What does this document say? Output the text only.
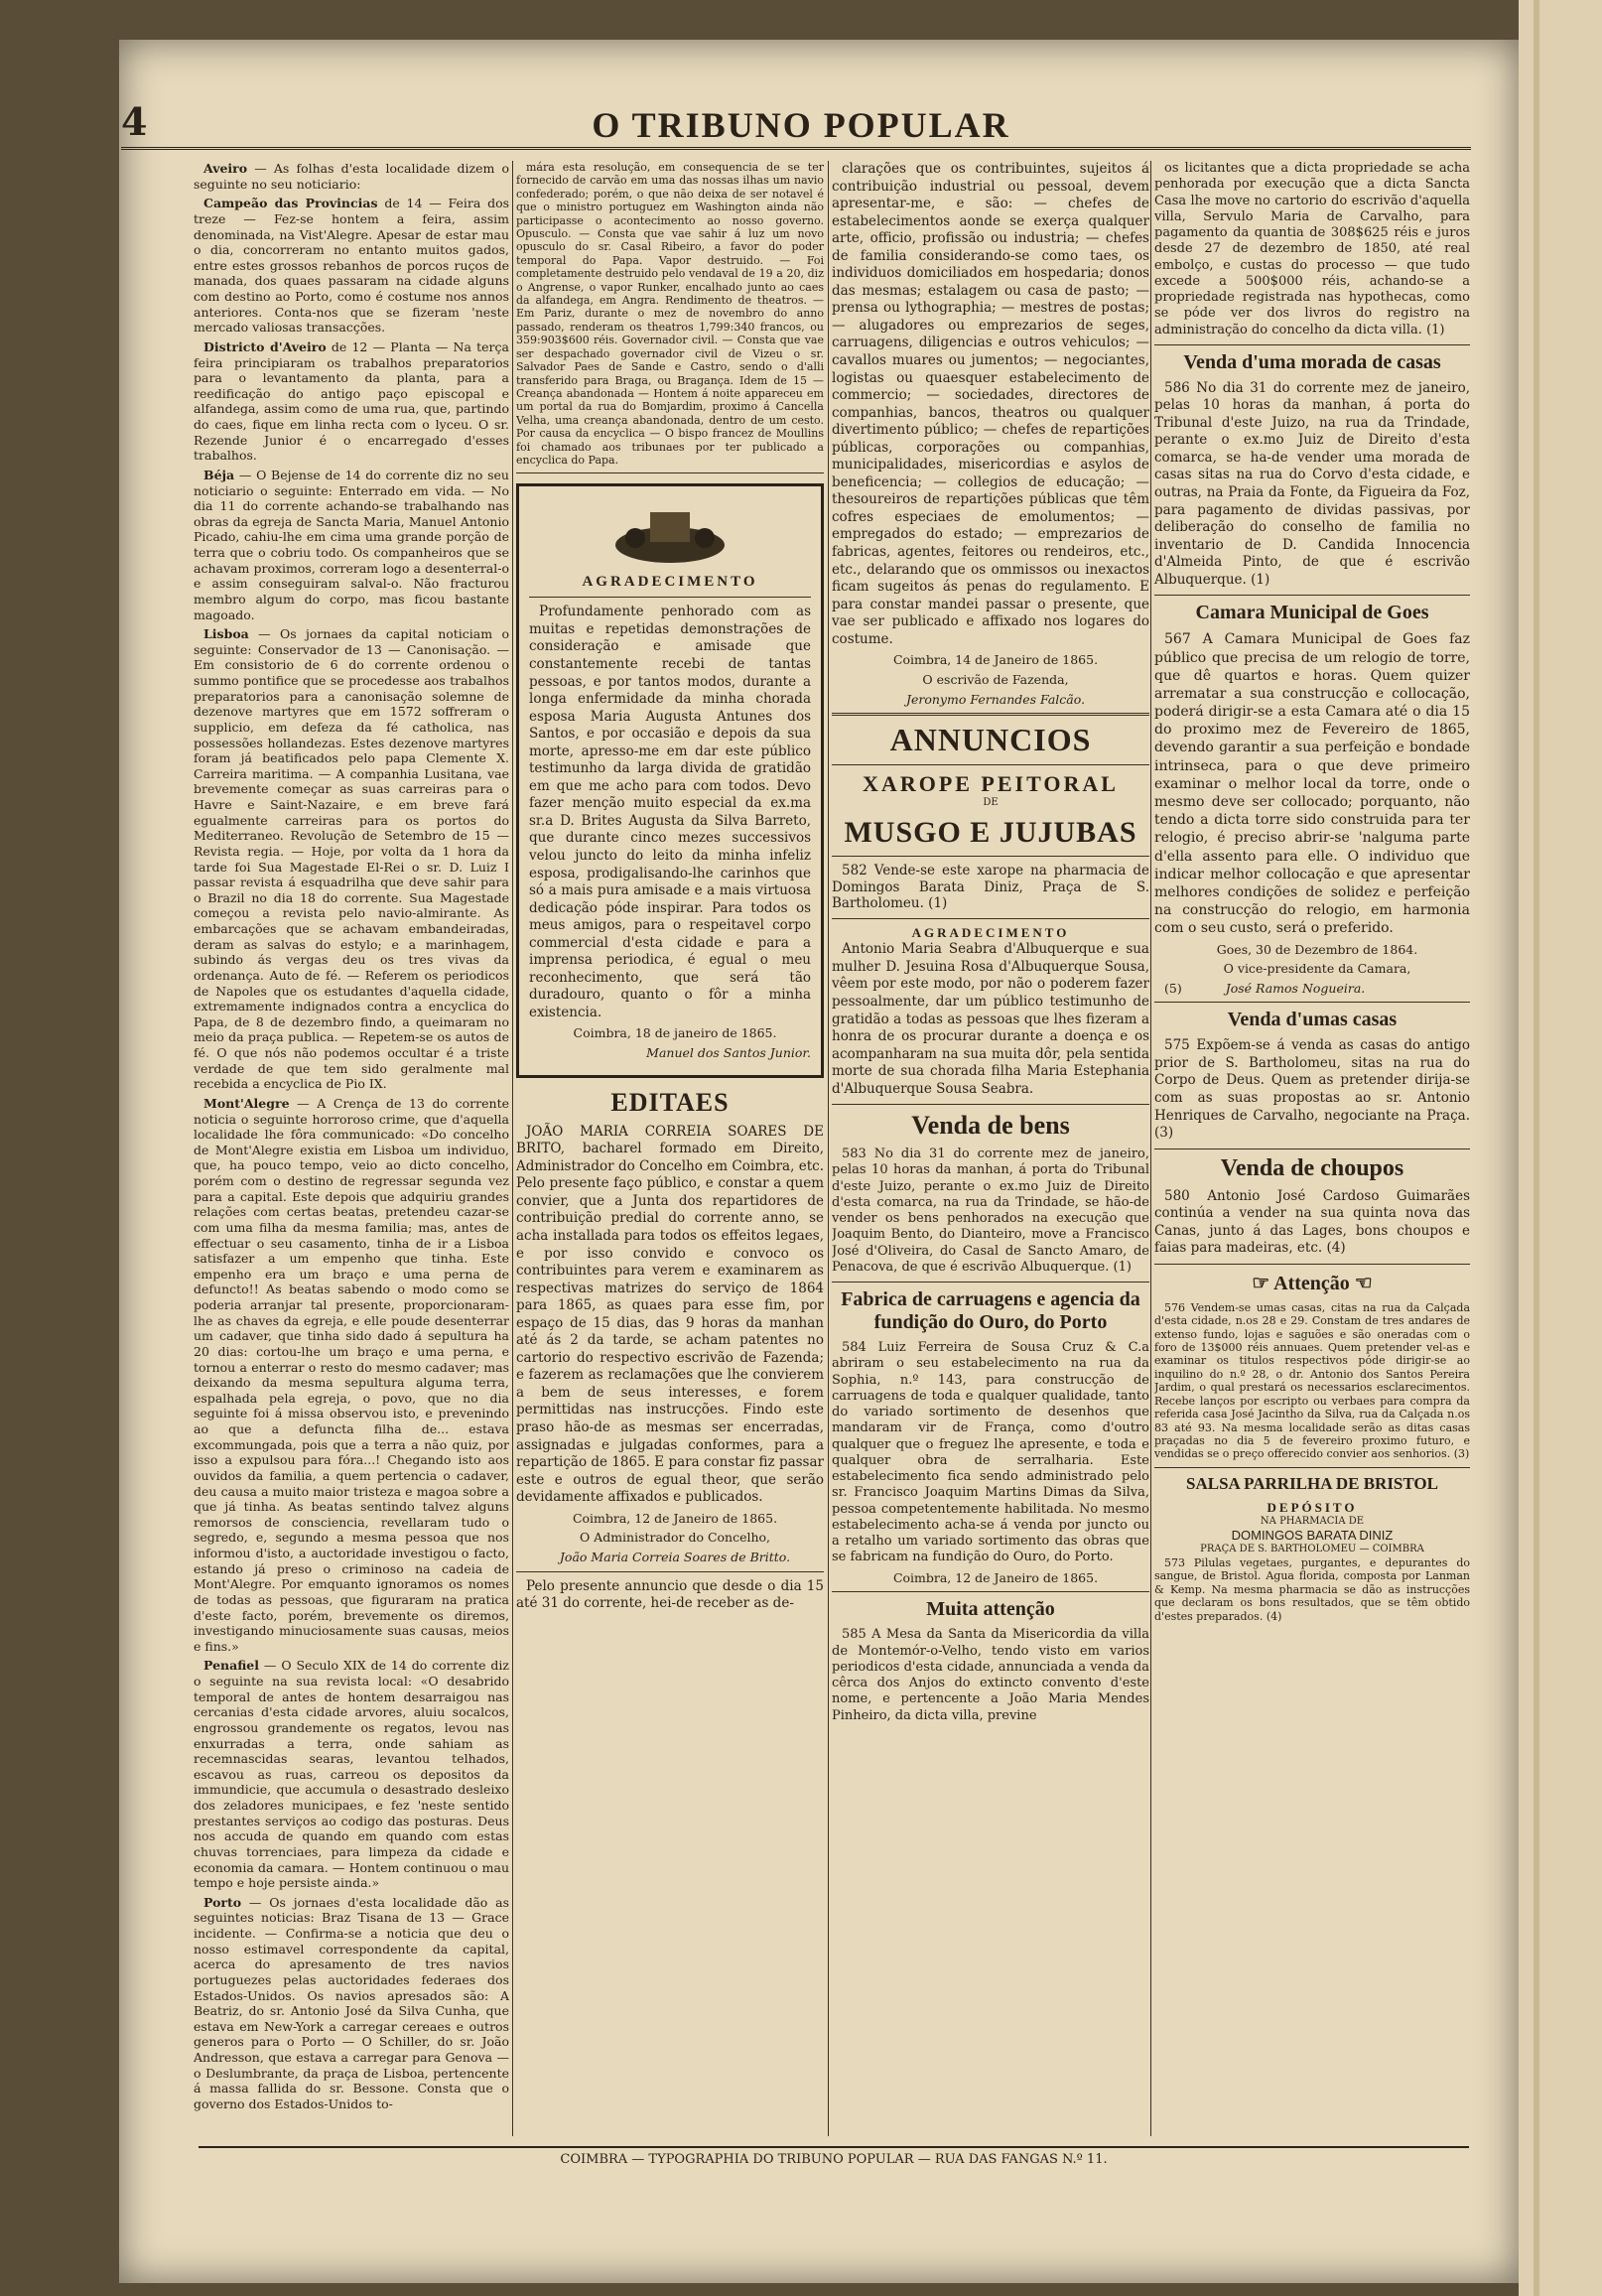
4	O TRIBUNO POPULAR

Aveiro — As folhas d'esta localidade dizem o seguinte no seu noticiario:

Campeão das Provincias de 14 — Feira dos treze — Fez-se hontem a feira, assim denominada, na Vist'Alegre. Apesar de estar mau o dia, concorreram no entanto muitos gados, entre estes grossos rebanhos de porcos ruços de manada, dos quaes passaram na cidade alguns com destino ao Porto, como é costume nos annos anteriores. Conta-nos que se fizeram 'neste mercado valiosas transacções.

Districto d'Aveiro de 12 — Planta — Na terça feira principiaram os trabalhos preparatorios para o levantamento da planta, para a reedificação do antigo paço episcopal e alfandega, assim como de uma rua, que, partindo do caes, fique em linha recta com o lyceu. O sr. Rezende Junior é o encarregado d'esses trabalhos.

Béja — O Bejense de 14 do corrente diz no seu noticiario o seguinte: Enterrado em vida. — No dia 11 do corrente achando-se trabalhando nas obras da egreja de Sancta Maria, Manuel Antonio Picado, cahiu-lhe em cima uma grande porção de terra que o cobriu todo. Os companheiros que se achavam proximos, correram logo a desenterral-o e assim conseguiram salval-o. Não fracturou membro algum do corpo, mas ficou bastante magoado.

Lisboa — Os jornaes da capital noticiam o seguinte: Conservador de 13 — Canonisação. — Em consistorio de 6 do corrente ordenou o summo pontifice que se procedesse aos trabalhos preparatorios para a canonisação solemne de dezenove martyres que em 1572 soffreram o supplicio, em defeza da fé catholica, nas possessões hollandezas. Estes dezenove martyres foram já beatificados pelo papa Clemente X. Carreira maritima. — A companhia Lusitana, vae brevemente começar as suas carreiras para o Havre e Saint-Nazaire, e em breve fará egualmente carreiras para os portos do Mediterraneo. Revolução de Setembro de 15 — Revista regia. — Hoje, por volta da 1 hora da tarde foi Sua Magestade El-Rei o sr. D. Luiz I passar revista á esquadrilha que deve sahir para o Brazil no dia 18 do corrente. Sua Magestade começou a revista pelo navio-almirante. As embarcações que se achavam embandeiradas, deram as salvas do estylo; e a marinhagem, subindo ás vergas deu os tres vivas da ordenança. Auto de fé. — Referem os periodicos de Napoles que os estudantes d'aquella cidade, extremamente indignados contra a encyclica do Papa, de 8 de dezembro findo, a queimaram no meio da praça publica. — Repetem-se os autos de fé. O que nós não podemos occultar é a triste verdade de que tem sido geralmente mal recebida a encyclica de Pio IX.

Mont'Alegre — A Crença de 13 do corrente noticia o seguinte horroroso crime, que d'aquella localidade lhe fôra communicado: «Do concelho de Mont'Alegre existia em Lisboa um individuo, que, ha pouco tempo, veio ao dicto concelho, porém com o destino de regressar segunda vez para a capital. Este depois que adquiriu grandes relações com certas beatas, pretendeu cazar-se com uma filha da mesma familia; mas, antes de effectuar o seu casamento, tinha de ir a Lisboa satisfazer a um empenho que tinha. Este empenho era um braço e uma perna de defuncto!! As beatas sabendo o modo como se poderia arranjar tal presente, proporcionaram-lhe as chaves da egreja, e elle poude desenterrar um cadaver, que tinha sido dado á sepultura ha 20 dias: cortou-lhe um braço e uma perna, e tornou a enterrar o resto do mesmo cadaver; mas deixando da mesma sepultura alguma terra, espalhada pela egreja, o povo, que no dia seguinte foi á missa observou isto, e prevenindo ao que a defuncta filha de... estava excommungada, pois que a terra a não quiz, por isso a expulsou para fóra...! Chegando isto aos ouvidos da familia, a quem pertencia o cadaver, deu causa a muito maior tristeza e magoa sobre a que já tinha. As beatas sentindo talvez alguns remorsos de consciencia, revellaram tudo o segredo, e, segundo a mesma pessoa que nos informou d'isto, a auctoridade investigou o facto, estando já preso o criminoso na cadeia de Mont'Alegre. Por emquanto ignoramos os nomes de todas as pessoas, que figuraram na pratica d'este facto, porém, brevemente os diremos, investigando minuciosamente suas causas, meios e fins.»

Penafiel — O Seculo XIX de 14 do corrente diz o seguinte na sua revista local: «O desabrido temporal de antes de hontem desarraigou nas cercanias d'esta cidade arvores, aluiu socalcos, engrossou grandemente os regatos, levou nas enxurradas a terra, onde sahiam as recemnascidas searas, levantou telhados, escavou as ruas, carreou os depositos da immundicie, que accumula o desastrado desleixo dos zeladores municipaes, e fez 'neste sentido prestantes serviços ao codigo das posturas. Deus nos accuda de quando em quando com estas chuvas torrenciaes, para limpeza da cidade e economia da camara. — Hontem continuou o mau tempo e hoje persiste ainda.»

Porto — Os jornaes d'esta localidade dão as seguintes noticias: Braz Tisana de 13 — Grace incidente. — Confirma-se a noticia que deu o nosso estimavel correspondente da capital, acerca do apresamento de tres navios portuguezes pelas auctoridades federaes dos Estados-Unidos. Os navios apresados são: A Beatriz, do sr. Antonio José da Silva Cunha, que estava em New-York a carregar cereaes e outros generos para o Porto — O Schiller, do sr. João Andresson, que estava a carregar para Genova — o Deslumbrante, da praça de Lisboa, pertencente á massa fallida do sr. Bessone. Consta que o governo dos Estados-Unidos to-

mára esta resolução, em consequencia de se ter fornecido de carvão em uma das nossas ilhas um navio confederado; porém, o que não deixa de ser notavel é que o ministro portuguez em Washington ainda não participasse o acontecimento ao nosso governo. Opusculo. — Consta que vae sahir á luz um novo opusculo do sr. Casal Ribeiro, a favor do poder temporal do Papa. Vapor destruido. — Foi completamente destruido pelo vendaval de 19 a 20, diz o Angrense, o vapor Runker, encalhado junto ao caes da alfandega, em Angra. Rendimento de theatros. — Em Pariz, durante o mez de novembro do anno passado, renderam os theatros 1,799:340 francos, ou 359:903$600 réis. Governador civil. — Consta que vae ser despachado governador civil de Vizeu o sr. Salvador Paes de Sande e Castro, sendo o d'alli transferido para Braga, ou Bragança. Idem de 15 — Creança abandonada — Hontem á noite appareceu em um portal da rua do Bomjardim, proximo á Cancella Velha, uma creança abandonada, dentro de um cesto. Por causa da encyclica — O bispo francez de Moullins foi chamado aos tribunaes por ter publicado a encyclica do Papa.

AGRADECIMENTO

Profundamente penhorado com as muitas e repetidas demonstrações de consideração e amisade que constantemente recebi de tantas pessoas, e por tantos modos, durante a longa enfermidade da minha chorada esposa Maria Augusta Antunes dos Santos, e por occasião e depois da sua morte, apresso-me em dar este público testimunho da larga divida de gratidão em que me acho para com todos. Devo fazer menção muito especial da ex.ma sr.a D. Brites Augusta da Silva Barreto, que durante cinco mezes successivos velou juncto do leito da minha infeliz esposa, prodigalisando-lhe carinhos que só a mais pura amisade e a mais virtuosa dedicação póde inspirar. Para todos os meus amigos, para o respeitavel corpo commercial d'esta cidade e para a imprensa periodica, é egual o meu reconhecimento, que será tão duradouro, quanto o fôr a minha existencia.

Coimbra, 18 de janeiro de 1865.

Manuel dos Santos Junior.

EDITAES

JOÃO MARIA CORREIA SOARES DE BRITO, bacharel formado em Direito, Administrador do Concelho em Coimbra, etc. Pelo presente faço público, e constar a quem convier, que a Junta dos repartidores de contribuição predial do corrente anno, se acha installada para todos os effeitos legaes, e por isso convido e convoco os contribuintes para verem e examinarem as respectivas matrizes do serviço de 1864 para 1865, as quaes para esse fim, por espaço de 15 dias, das 9 horas da manhan até ás 2 da tarde, se acham patentes no cartorio do respectivo escrivão de Fazenda; e fazerem as reclamações que lhe convierem a bem de seus interesses, e forem permittidas nas instrucções. Findo este praso hão-de as mesmas ser encerradas, assignadas e julgadas conformes, para a repartição de 1865. E para constar fiz passar este e outros de egual theor, que serão devidamente affixados e publicados.

Coimbra, 12 de Janeiro de 1865.

O Administrador do Concelho,

João Maria Correia Soares de Britto.

Pelo presente annuncio que desde o dia 15 até 31 do corrente, hei-de receber as de-

clarações que os contribuintes, sujeitos á contribuição industrial ou pessoal, devem apresentar-me, e são: — chefes de estabelecimentos aonde se exerça qualquer arte, officio, profissão ou industria; — chefes de familia considerando-se como taes, os individuos domiciliados em hospedaria; donos das mesmas; estalagem ou casa de pasto; — prensa ou lythographia; — mestres de postas; — alugadores ou emprezarios de seges, carruagens, diligencias e outros vehiculos; — cavallos muares ou jumentos; — negociantes, logistas ou quaesquer estabelecimento de commercio; — sociedades, directores de companhias, bancos, theatros ou qualquer divertimento público; — chefes de repartições públicas, corporações ou companhias, municipalidades, misericordias e asylos de beneficencia; — collegios de educação; — thesoureiros de repartições públicas que têm cofres especiaes de emolumentos; — empregados do estado; — emprezarios de fabricas, agentes, feitores ou rendeiros, etc., etc., delarando que os ommissos ou inexactos ficam sugeitos ás penas do regulamento. E para constar mandei passar o presente, que vae ser publicado e affixado nos logares do costume.

Coimbra, 14 de Janeiro de 1865.

O escrivão de Fazenda,

Jeronymo Fernandes Falcão.

ANNUNCIOS
XAROPE PEITORAL
DE
MUSGO E JUJUBAS

582 Vende-se este xarope na pharmacia de Domingos Barata Diniz, Praça de S. Bartholomeu. (1)

AGRADECIMENTO

Antonio Maria Seabra d'Albuquerque e sua mulher D. Jesuina Rosa d'Albuquerque Sousa, vêem por este modo, por não o poderem fazer pessoalmente, dar um público testimunho de gratidão a todas as pessoas que lhes fizeram a honra de os procurar durante a doença e os acompanharam na sua muita dôr, pela sentida morte de sua chorada filha Maria Estephania d'Albuquerque Sousa Seabra.

Venda de bens

583 No dia 31 do corrente mez de janeiro, pelas 10 horas da manhan, á porta do Tribunal d'este Juizo, perante o ex.mo Juiz de Direito d'esta comarca, na rua da Trindade, se hão-de vender os bens penhorados na execução que Joaquim Bento, do Dianteiro, move a Francisco José d'Oliveira, do Casal de Sancto Amaro, de Penacova, de que é escrivão Albuquerque. (1)

Fabrica de carruagens e agencia da fundição do Ouro, do Porto

584 Luiz Ferreira de Sousa Cruz & C.a abriram o seu estabelecimento na rua da Sophia, n.º 143, para construcção de carruagens de toda e qualquer qualidade, tanto do variado sortimento de desenhos que mandaram vir de França, como d'outro qualquer que o freguez lhe apresente, e toda e qualquer obra de serralharia. Este estabelecimento fica sendo administrado pelo sr. Francisco Joaquim Martins Dimas da Silva, pessoa competentemente habilitada. No mesmo estabelecimento acha-se á venda por juncto ou a retalho um variado sortimento das obras que se fabricam na fundição do Ouro, do Porto.

Coimbra, 12 de Janeiro de 1865.

Muita attenção

585 A Mesa da Santa da Misericordia da villa de Montemór-o-Velho, tendo visto em varios periodicos d'esta cidade, annunciada a venda da cêrca dos Anjos do extincto convento d'este nome, e pertencente a João Maria Mendes Pinheiro, da dicta villa, previne

os licitantes que a dicta propriedade se acha penhorada por execução que a dicta Sancta Casa lhe move no cartorio do escrivão d'aquella villa, Servulo Maria de Carvalho, para pagamento da quantia de 308$625 réis e juros desde 27 de dezembro de 1850, até real embolço, e custas do processo — que tudo excede a 500$000 réis, achando-se a propriedade registrada nas hypothecas, como se póde ver dos livros do registro na administração do concelho da dicta villa. (1)

Venda d'uma morada de casas

586 No dia 31 do corrente mez de janeiro, pelas 10 horas da manhan, á porta do Tribunal d'este Juizo, na rua da Trindade, perante o ex.mo Juiz de Direito d'esta comarca, se ha-de vender uma morada de casas sitas na rua do Corvo d'esta cidade, e outras, na Praia da Fonte, da Figueira da Foz, para pagamento de dividas passivas, por deliberação do conselho de familia no inventario de D. Candida Innocencia d'Almeida Pinto, de que é escrivão Albuquerque. (1)

Camara Municipal de Goes

567 A Camara Municipal de Goes faz público que precisa de um relogio de torre, que dê quartos e horas. Quem quizer arrematar a sua construcção e collocação, poderá dirigir-se a esta Camara até o dia 15 do proximo mez de Fevereiro de 1865, devendo garantir a sua perfeição e bondade intrinseca, para o que deve primeiro examinar o melhor local da torre, onde o mesmo deve ser collocado; porquanto, não tendo a dicta torre sido construida para ter relogio, é preciso abrir-se 'nalguma parte d'ella assento para elle. O individuo que indicar melhor collocação e que apresentar melhores condições de solidez e perfeição na construcção do relogio, em harmonia com o seu custo, será o preferido.

Goes, 30 de Dezembro de 1864.

O vice-presidente da Camara,

(5)	José Ramos Nogueira.

Venda d'umas casas

575 Expõem-se á venda as casas do antigo prior de S. Bartholomeu, sitas na rua do Corpo de Deus. Quem as pretender dirija-se com as suas propostas ao sr. Antonio Henriques de Carvalho, negociante na Praça. (3)

Venda de choupos

580 Antonio José Cardoso Guimarães continúa a vender na sua quinta nova das Canas, junto á das Lages, bons choupos e faias para madeiras, etc. (4)

☞ Attenção ☜

576 Vendem-se umas casas, citas na rua da Calçada d'esta cidade, n.os 28 e 29. Constam de tres andares de extenso fundo, lojas e saguões e são oneradas com o foro de 13$000 réis annuaes. Quem pretender vel-as e examinar os titulos respectivos póde dirigir-se ao inquilino do n.º 28, o dr. Antonio dos Santos Pereira Jardim, o qual prestará os necessarios esclarecimentos. Recebe lanços por escripto ou verbaes para compra da referida casa José Jacintho da Silva, rua da Calçada n.os 83 até 93. Na mesma localidade serão as ditas casas praçadas no dia 5 de fevereiro proximo futuro, e vendidas se o preço offerecido convier aos senhorios. (3)

SALSA PARRILHA DE BRISTOL
DEPÓSITO
NA PHARMACIA DE
DOMINGOS BARATA DINIZ
PRAÇA DE S. BARTHOLOMEU — COIMBRA

573 Pilulas vegetaes, purgantes, e depurantes do sangue, de Bristol. Agua florida, composta por Lanman & Kemp. Na mesma pharmacia se dão as instrucções que declaram os bons resultados, que se têm obtido d'estes preparados. (4)

COIMBRA — TYPOGRAPHIA DO TRIBUNO POPULAR — RUA DAS FANGAS N.º 11.
